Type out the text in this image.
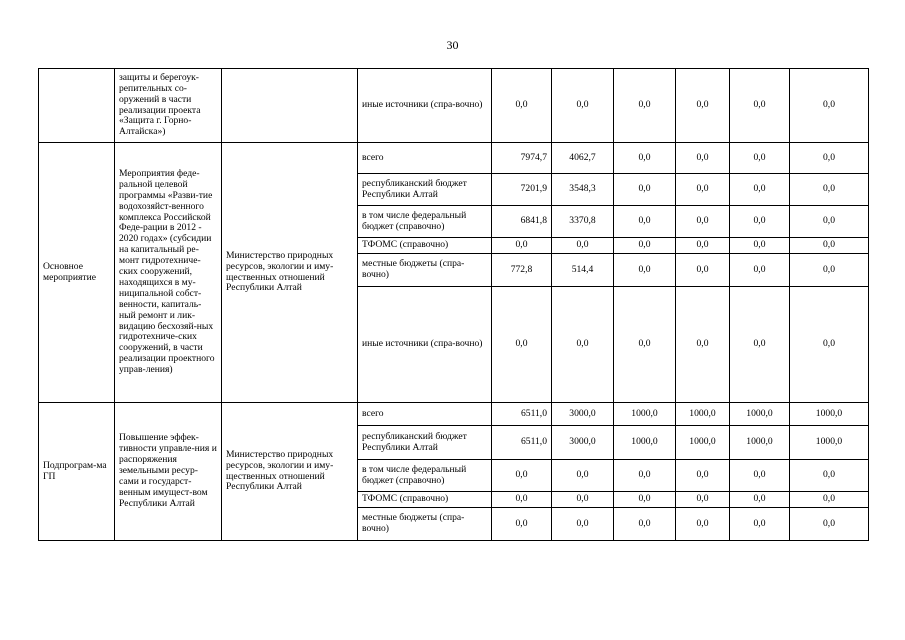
30
	защиты и берегоук-репительных со-оружений в части реализации проекта «Защита г. Горно-Алтайска»)		иные источники (спра-вочно)	0,0	0,0	0,0	0,0	0,0	0,0
Основное мероприятие	Мероприятия феде-ральной целевой программы «Разви-тие водохозяйст-венного комплекса Российской Феде-рации в 2012 - 2020 годах» (субсидии на капитальный ре-монт гидротехниче-ских сооружений, находящихся в му-ниципальной собст-венности, капиталь-ный ремонт и лик-видацию бесхозяй-ных гидротехниче-ских сооружений, в части реализации проектного управ-ления)	Министерство природных ресурсов, экологии и иму-щественных отношений Республики Алтай	всего	7974,7	4062,7	0,0	0,0	0,0	0,0
			республиканский бюджет Республики Алтай	7201,9	3548,3	0,0	0,0	0,0	0,0
			в том числе федеральный бюджет (справочно)	6841,8	3370,8	0,0	0,0	0,0	0,0
			ТФОМС (справочно)	0,0	0,0	0,0	0,0	0,0	0,0
			местные бюджеты (спра-вочно)	772,8	514,4	0,0	0,0	0,0	0,0
			иные источники (спра-вочно)	0,0	0,0	0,0	0,0	0,0	0,0
Подпрограм-ма ГП	Повышение эффек-тивности управле-ния и распоряжения земельными ресур-сами и государст-венным имущест-вом Республики Алтай	Министерство природных ресурсов, экологии и иму-щественных отношений Республики Алтай	всего	6511,0	3000,0	1000,0	1000,0	1000,0	1000,0
			республиканский бюджет Республики Алтай	6511,0	3000,0	1000,0	1000,0	1000,0	1000,0
			в том числе федеральный бюджет (справочно)	0,0	0,0	0,0	0,0	0,0	0,0
			ТФОМС (справочно)	0,0	0,0	0,0	0,0	0,0	0,0
			местные бюджеты (спра-вочно)	0,0	0,0	0,0	0,0	0,0	0,0
